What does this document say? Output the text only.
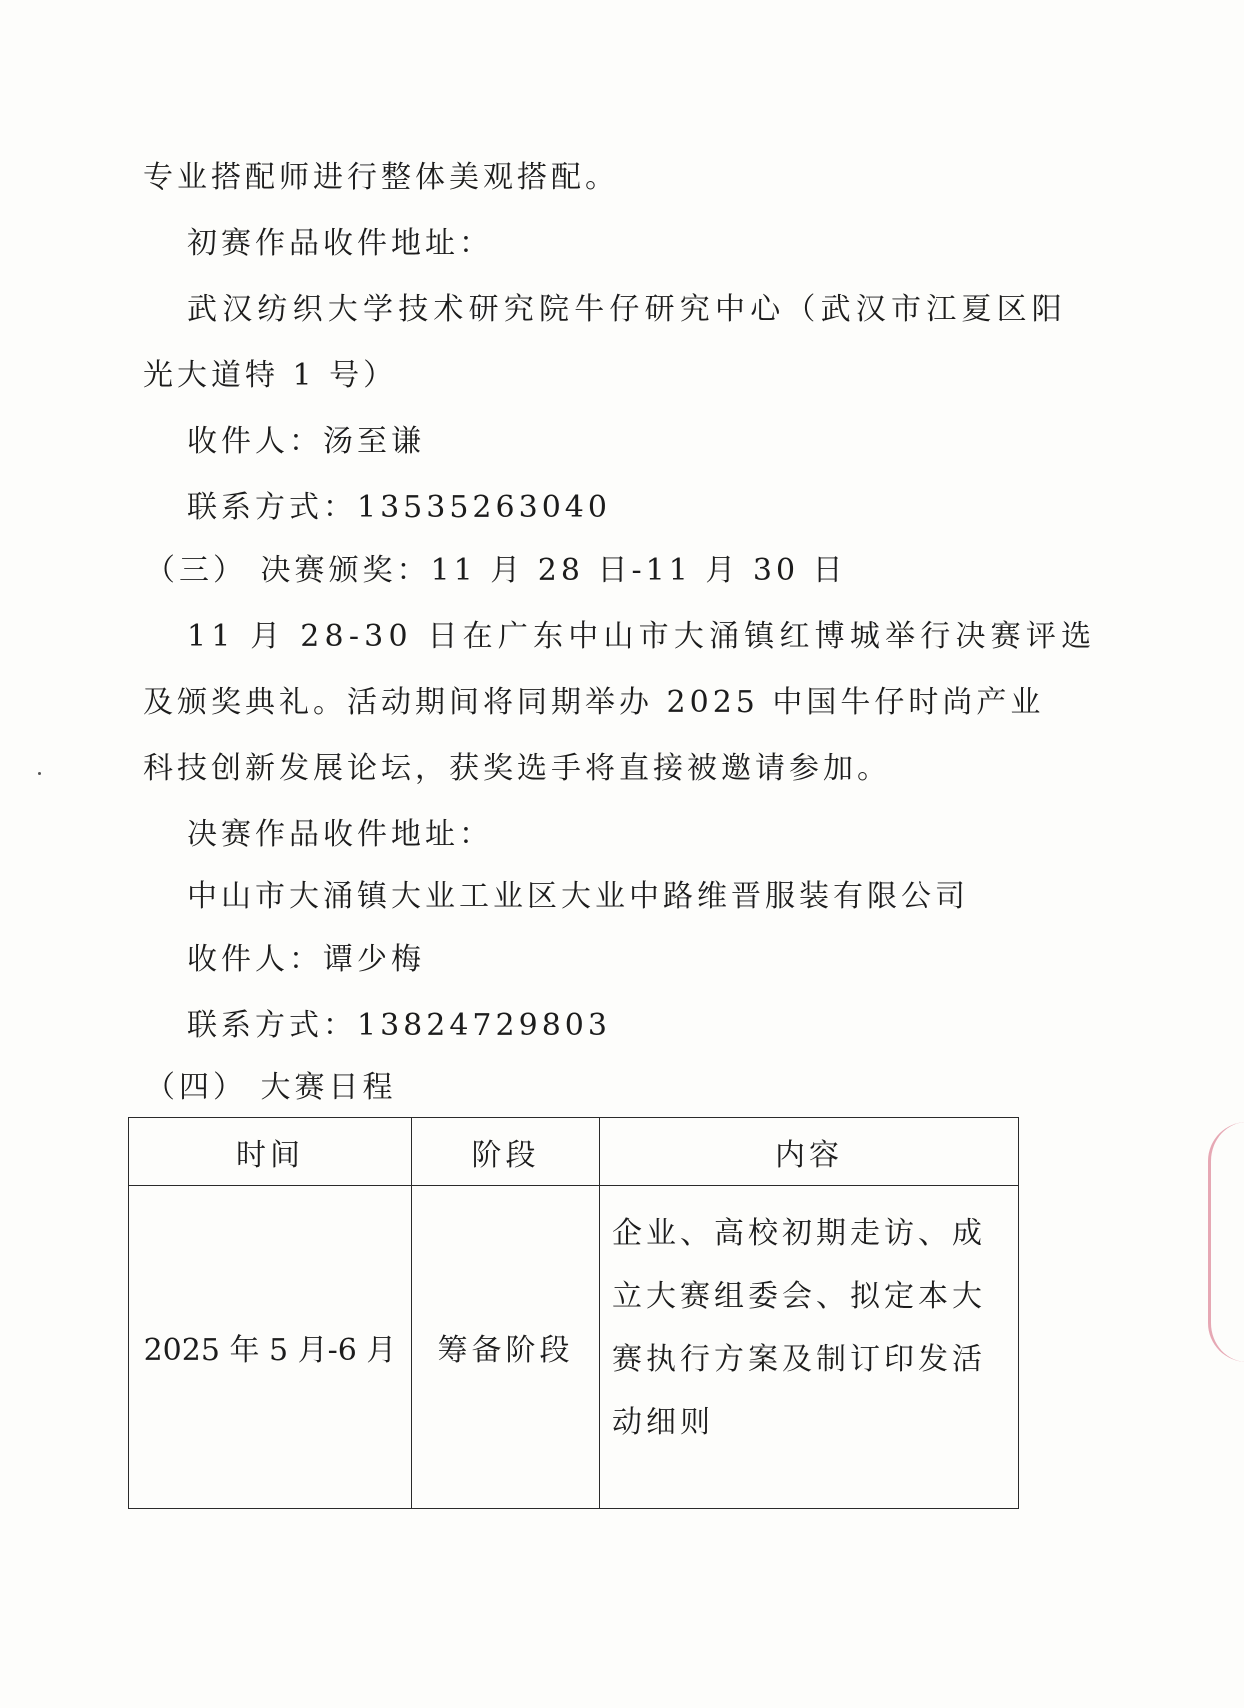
专业搭配师进行整体美观搭配。
初赛作品收件地址：
武汉纺织大学技术研究院牛仔研究中心（武汉市江夏区阳
光大道特 1 号）
收件人：汤至谦
联系方式：13535263040
（三） 决赛颁奖：11 月 28 日-11 月 30 日
11 月 28-30 日在广东中山市大涌镇红博城举行决赛评选
及颁奖典礼。活动期间将同期举办 2025 中国牛仔时尚产业
科技创新发展论坛，获奖选手将直接被邀请参加。
决赛作品收件地址：
中山市大涌镇大业工业区大业中路维晋服装有限公司
收件人：谭少梅
联系方式：13824729803
（四） 大赛日程
时间	阶段	内容
2025 年 5 月-6 月	筹备阶段	企业、高校初期走访、成立大赛组委会、拟定本大赛执行方案及制订印发活动细则
